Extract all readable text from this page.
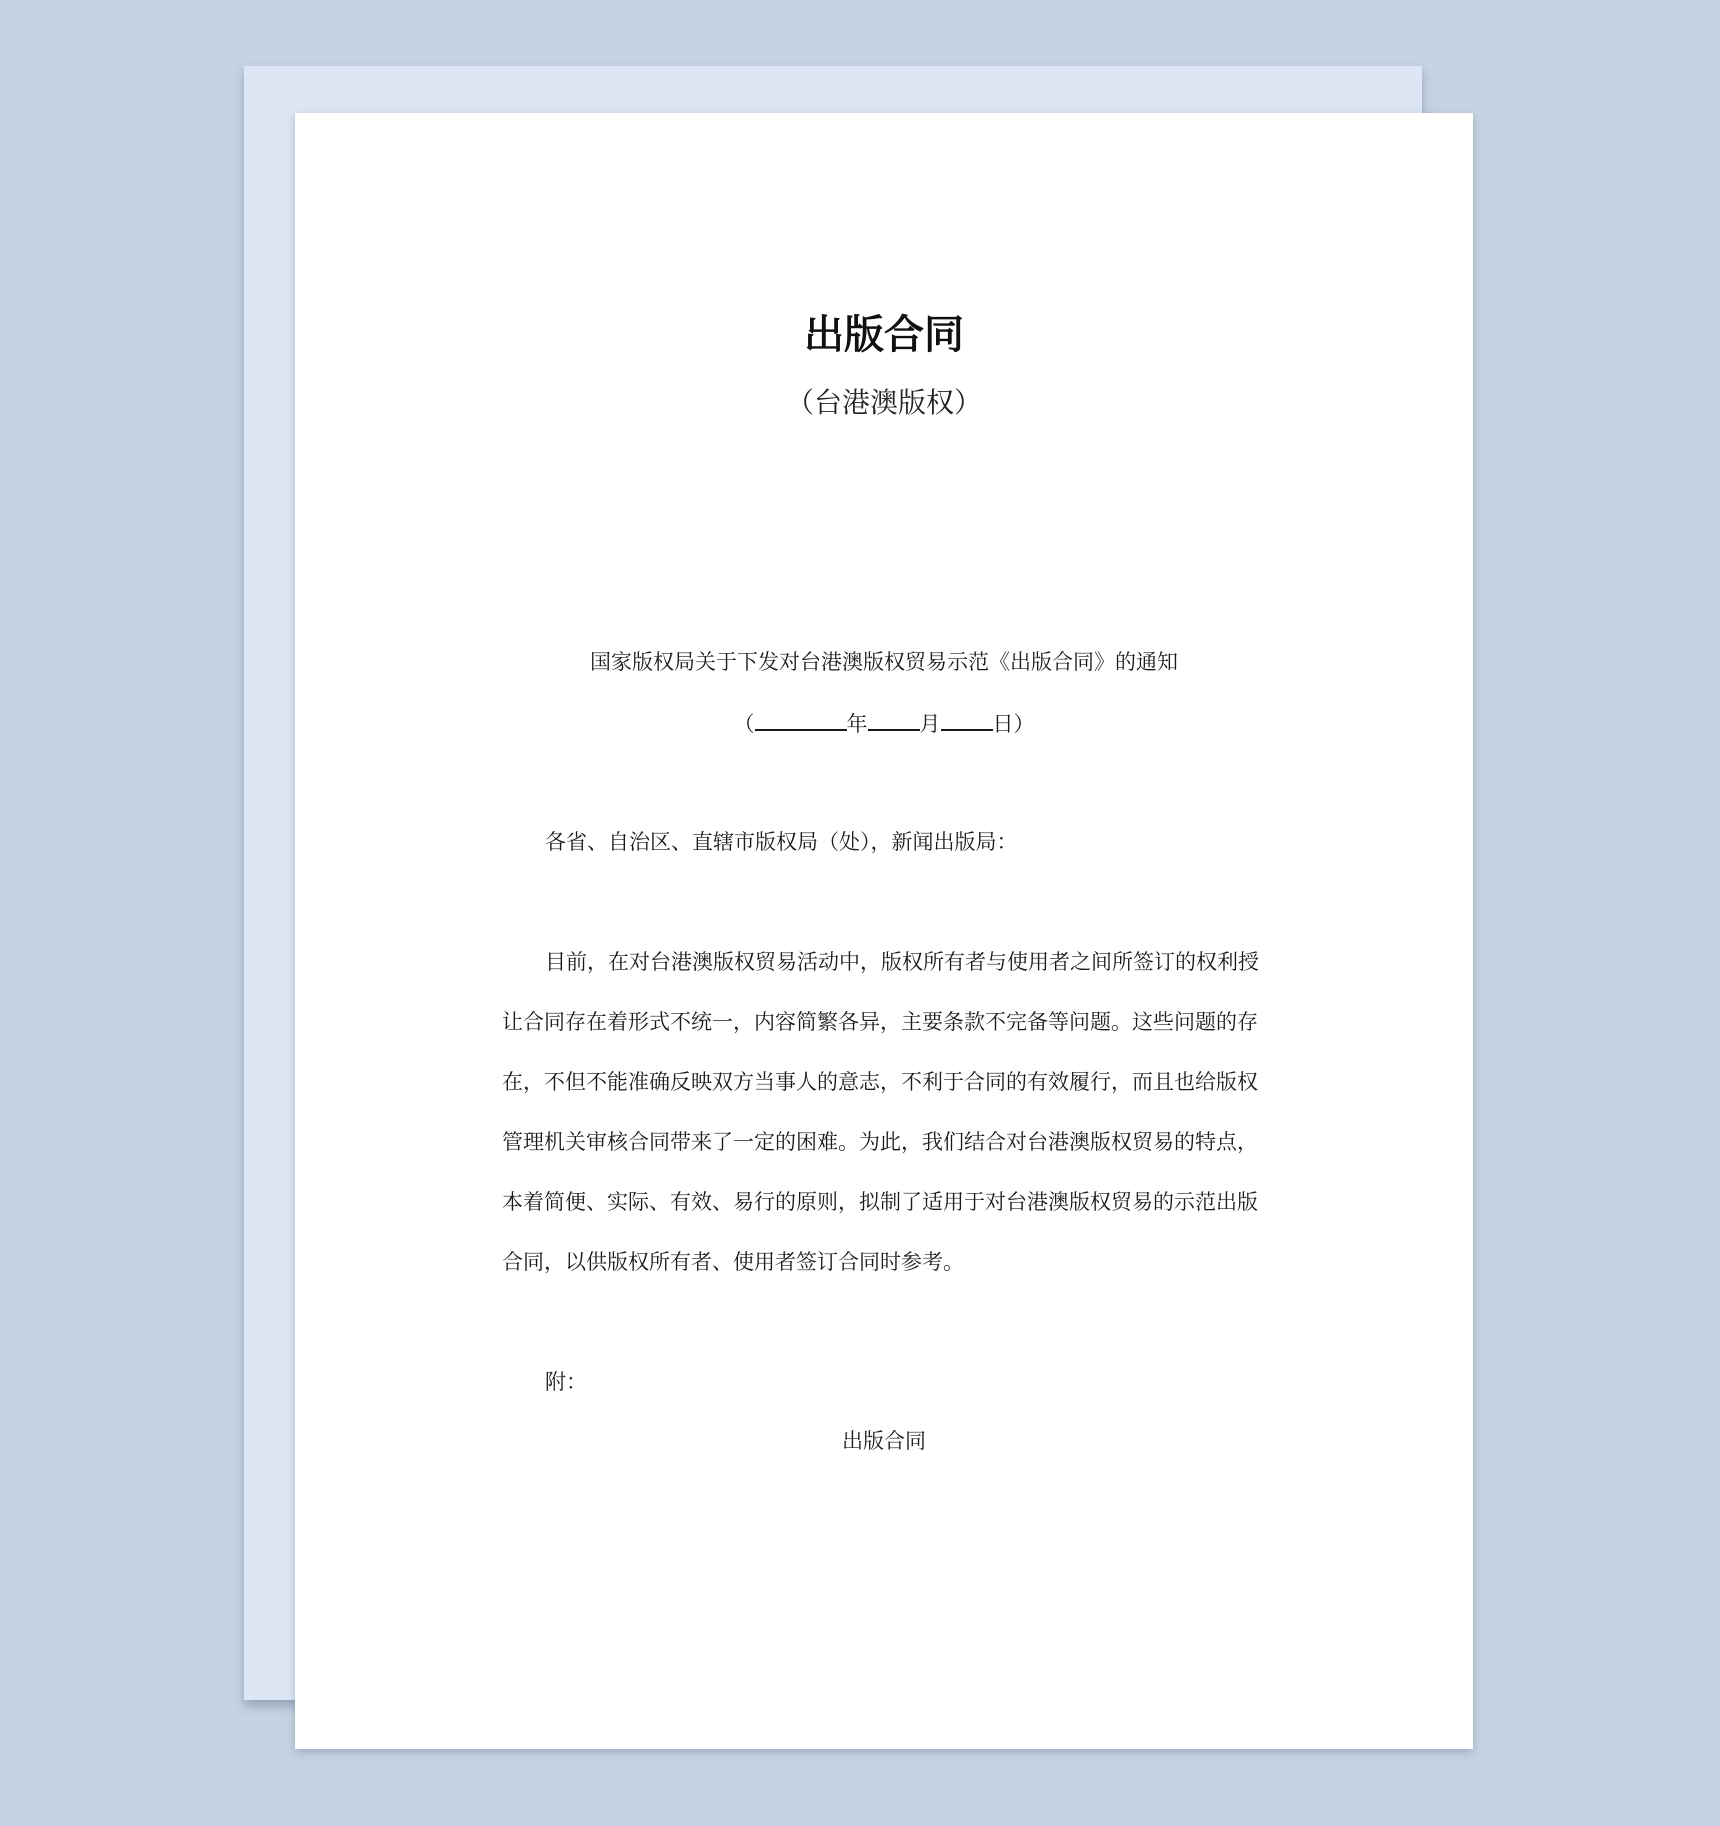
出版合同
（台港澳版权）
国家版权局关于下发对台港澳版权贸易示范《出版合同》的通知
（	年 月 日）
各省、自治区、直辖市版权局（处），新闻出版局：
目前，在对台港澳版权贸易活动中，版权所有者与使用者之间所签订的权利授
让合同存在着形式不统一，内容简繁各异，主要条款不完备等问题。这些问题的存
在，不但不能准确反映双方当事人的意志，不利于合同的有效履行，而且也给版权
管理机关审核合同带来了一定的困难。为此，我们结合对台港澳版权贸易的特点，
本着简便、实际、有效、易行的原则，拟制了适用于对台港澳版权贸易的示范出版
合同，以供版权所有者、使用者签订合同时参考。
附：
出版合同
